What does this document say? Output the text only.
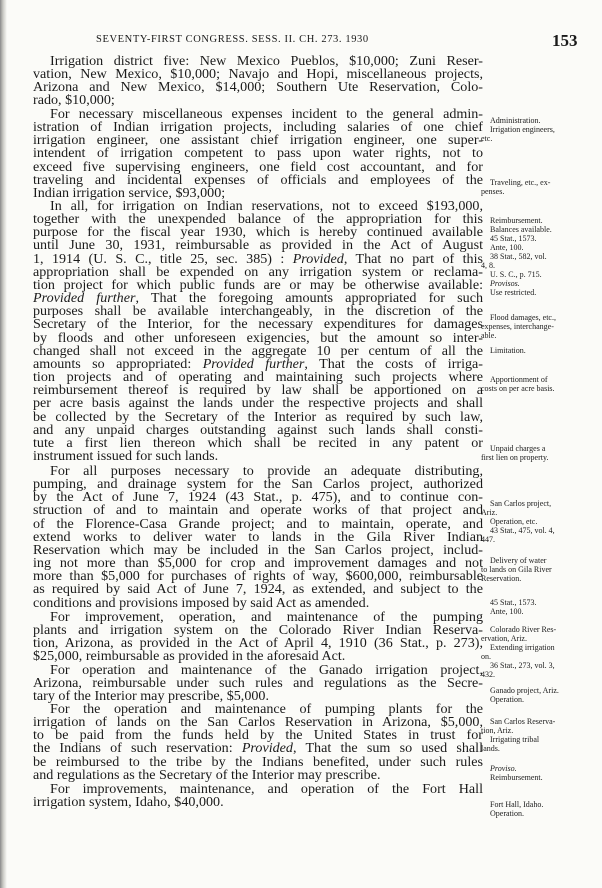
SEVENTY-FIRST CONGRESS. SESS. II. CH. 273. 1930	153
Irrigation district five: New Mexico Pueblos, $10,000; Zuni Reser-
vation, New Mexico, $10,000; Navajo and Hopi, miscellaneous projects,
Arizona and New Mexico, $14,000; Southern Ute Reservation, Colo-
rado, $10,000;
For necessary miscellaneous expenses incident to the general admin-
istration of Indian irrigation projects, including salaries of one chief
irrigation engineer, one assistant chief irrigation engineer, one super-
intendent of irrigation competent to pass upon water rights, not to
exceed five supervising engineers, one field cost accountant, and for
traveling and incidental expenses of officials and employees of the
Indian irrigation service, $93,000;
In all, for irrigation on Indian reservations, not to exceed $193,000,
together with the unexpended balance of the appropriation for this
purpose for the fiscal year 1930, which is hereby continued available
until June 30, 1931, reimbursable as provided in the Act of August
1, 1914 (U. S. C., title 25, sec. 385) : Provided, That no part of this
appropriation shall be expended on any irrigation system or reclama-
tion project for which public funds are or may be otherwise available:
Provided further, That the foregoing amounts appropriated for such
purposes shall be available interchangeably, in the discretion of the
Secretary of the Interior, for the necessary expenditures for damages
by floods and other unforeseen exigencies, but the amount so inter-
changed shall not exceed in the aggregate 10 per centum of all the
amounts so appropriated: Provided further, That the costs of irriga-
tion projects and of operating and maintaining such projects where
reimbursement thereof is required by law shall be apportioned on a
per acre basis against the lands under the respective projects and shall
be collected by the Secretary of the Interior as required by such law,
and any unpaid charges outstanding against such lands shall consti-
tute a first lien thereon which shall be recited in any patent or
instrument issued for such lands.
For all purposes necessary to provide an adequate distributing,
pumping, and drainage system for the San Carlos project, authorized
by the Act of June 7, 1924 (43 Stat., p. 475), and to continue con-
struction of and to maintain and operate works of that project and
of the Florence-Casa Grande project; and to maintain, operate, and
extend works to deliver water to lands in the Gila River Indian
Reservation which may be included in the San Carlos project, includ-
ing not more than $5,000 for crop and improvement damages and not
more than $5,000 for purchases of rights of way, $600,000, reimbursable
as required by said Act of June 7, 1924, as extended, and subject to the
conditions and provisions imposed by said Act as amended.
For improvement, operation, and maintenance of the pumping
plants and irrigation system on the Colorado River Indian Reserva-
tion, Arizona, as provided in the Act of April 4, 1910 (36 Stat., p. 273),
$25,000, reimbursable as provided in the aforesaid Act.
For operation and maintenance of the Ganado irrigation project,
Arizona, reimbursable under such rules and regulations as the Secre-
tary of the Interior may prescribe, $5,000.
For the operation and maintenance of pumping plants for the
irrigation of lands on the San Carlos Reservation in Arizona, $5,000,
to be paid from the funds held by the United States in trust for
the Indians of such reservation: Provided, That the sum so used shall
be reimbursed to the tribe by the Indians benefited, under such rules
and regulations as the Secretary of the Interior may prescribe.
For improvements, maintenance, and operation of the Fort Hall
irrigation system, Idaho, $40,000.
Administration.
Irrigation engineers,
etc.
Traveling, etc., ex-
penses.
Reimbursement.
Balances available.
45 Stat., 1573.
Ante, 100.
38 Stat., 582, vol.
4, 8.
U. S. C., p. 715.
Provisos.
Use restricted.
Flood damages, etc.,
expenses, interchange-
able.
Limitation.
Apportionment of
costs on per acre basis.
Unpaid charges a
first lien on property.
San Carlos project,
Ariz.
Operation, etc.
43 Stat., 475, vol. 4,
447.
Delivery of water
to lands on Gila River
Reservation.
45 Stat., 1573.
Ante, 100.
Colorado River Res-
ervation, Ariz.
Extending irrigation
on.
36 Stat., 273, vol. 3,
432.
Ganado project, Ariz.
Operation.
San Carlos Reserva-
tion, Ariz.
Irrigating tribal
lands.
Proviso.
Reimbursement.
Fort Hall, Idaho.
Operation.
